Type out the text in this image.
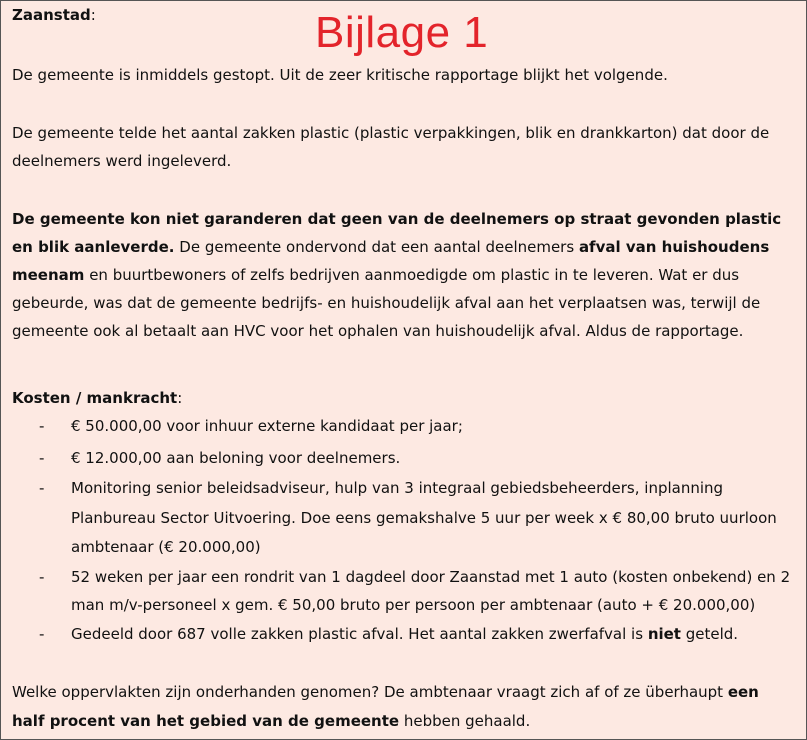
Zaanstad:	Bijlage 1
De gemeente is inmiddels gestopt. Uit de zeer kritische rapportage blijkt het volgende.
De gemeente telde het aantal zakken plastic (plastic verpakkingen, blik en drankkarton) dat door de
deelnemers werd ingeleverd.
De gemeente kon niet garanderen dat geen van de deelnemers op straat gevonden plastic
en blik aanleverde. De gemeente ondervond dat een aantal deelnemers afval van huishoudens
meenam en buurtbewoners of zelfs bedrijven aanmoedigde om plastic in te leveren. Wat er dus
gebeurde, was dat de gemeente bedrijfs- en huishoudelijk afval aan het verplaatsen was, terwijl de
gemeente ook al betaalt aan HVC voor het ophalen van huishoudelijk afval. Aldus de rapportage.
Kosten / mankracht:
- € 50.000,00 voor inhuur externe kandidaat per jaar;
- € 12.000,00 aan beloning voor deelnemers.
- Monitoring senior beleidsadviseur, hulp van 3 integraal gebiedsbeheerders, inplanning
Planbureau Sector Uitvoering. Doe eens gemakshalve 5 uur per week x € 80,00 bruto uurloon
ambtenaar (€ 20.000,00)
- 52 weken per jaar een rondrit van 1 dagdeel door Zaanstad met 1 auto (kosten onbekend) en 2
man m/v-personeel x gem. € 50,00 bruto per persoon per ambtenaar (auto + € 20.000,00)
- Gedeeld door 687 volle zakken plastic afval. Het aantal zakken zwerfafval is niet geteld.
Welke oppervlakten zijn onderhanden genomen? De ambtenaar vraagt zich af of ze überhaupt een
half procent van het gebied van de gemeente hebben gehaald.
